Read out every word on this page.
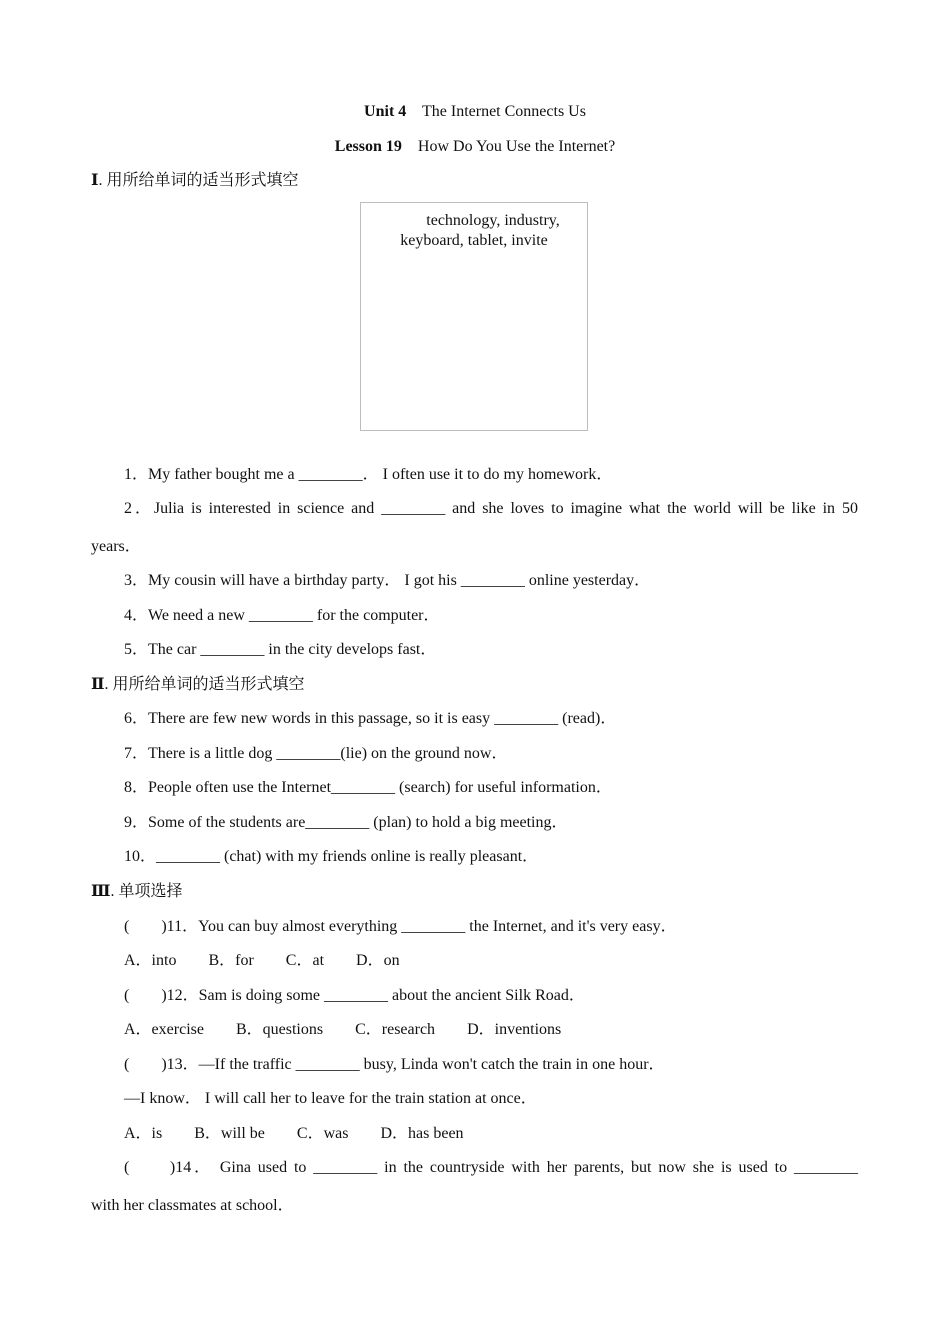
Unit 4 The Internet Connects Us
Lesson 19 How Do You Use the Internet?
Ⅰ. 用所给单词的适当形式填空
technology, industry,
keyboard, tablet, invite
1．My father bought me a ________． I often use it to do my homework．
2．Julia is interested in science and ________ and she loves to imagine what the world will be like in 50
years．
3．My cousin will have a birthday party． I got his ________ online yesterday．
4．We need a new ________ for the computer．
5．The car ________ in the city develops fast．
Ⅱ. 用所给单词的适当形式填空
6．There are few new words in this passage, so it is easy ________ (read)．
7．There is a little dog ________(lie) on the ground now．
8．People often use the Internet________ (search) for useful information．
9．Some of the students are________ (plan) to hold a big meeting．
10．________ (chat) with my friends online is really pleasant．
Ⅲ. 单项选择
(　　)11．You can buy almost everything ________ the Internet, and it's very easy．
A．into B．for C．at D．on
(　　)12．Sam is doing some ________ about the ancient Silk Road．
A．exercise B．questions C．research D．inventions
(　　)13．—If the traffic ________ busy, Linda won't catch the train in one hour．
—I know． I will call her to leave for the train station at once．
A．is B．will be C．was D．has been
(　　)14． Gina used to ________ in the countryside with her parents, but now she is used to ________
with her classmates at school．
